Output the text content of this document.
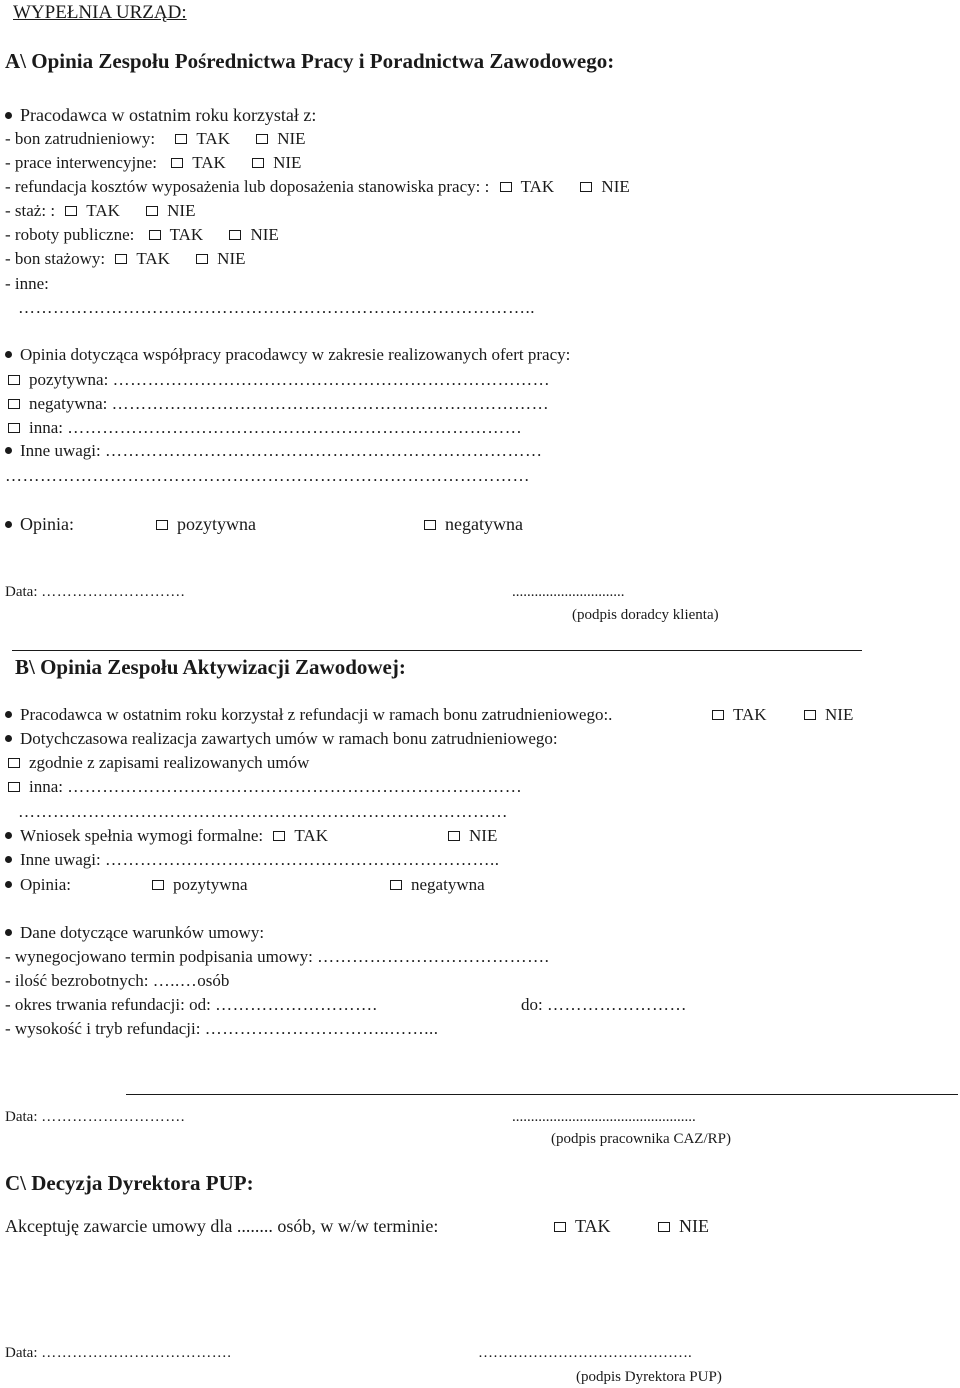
WYPEŁNIA URZĄD:
A\ Opinia Zespołu Pośrednictwa Pracy i Poradnictwa Zawodowego:
Pracodawca w ostatnim roku korzystał z:
- bon zatrudnieniowy: TAK	NIE
- prace interwencyjne: TAK	NIE
- refundacja kosztów wyposażenia lub doposażenia stanowiska pracy: : TAK	NIE
- staż: : TAK	NIE
- roboty publiczne: TAK	NIE
- bon stażowy: TAK	NIE
- inne:
……………………………………………………………………………..
Opinia dotycząca współpracy pracodawcy w zakresie realizowanych ofert pracy:
pozytywna: …………………………………………………………………
negatywna: …………………………………………………………………
inna: ……………………………………………………………………
Inne uwagi: …………………………………………………………………
………………………………………………………………………………
Opinia:	pozytywna	negatywna
Data: ……………………….	..............................
(podpis doradcy klienta)
B\ Opinia Zespołu Aktywizacji Zawodowej:
Pracodawca w ostatnim roku korzystał z refundacji w ramach bonu zatrudnieniowego:.	TAK	NIE
Dotychczasowa realizacja zawartych umów w ramach bonu zatrudnieniowego:
zgodnie z zapisami realizowanych umów
inna: ……………………………………………………………………
…………………………………………………………………………
Wniosek spełnia wymogi formalne: TAK	NIE
Inne uwagi: …………………………………………………………..
Opinia:	pozytywna	negatywna
Dane dotyczące warunków umowy:
- wynegocjowano termin podpisania umowy: ………………………………….
- ilość bezrobotnych: …..…osób
- okres trwania refundacji: od: ……………………….	do: ……………………
- wysokość i tryb refundacji: …………………………..……...
Data: ……………………….	.................................................
(podpis pracownika CAZ/RP)
C\ Decyzja Dyrektora PUP:
Akceptuję zawarcie umowy dla ........ osób, w w/w terminie:	TAK	NIE
Data: ……………………………….	…………………………………….
(podpis Dyrektora PUP)
